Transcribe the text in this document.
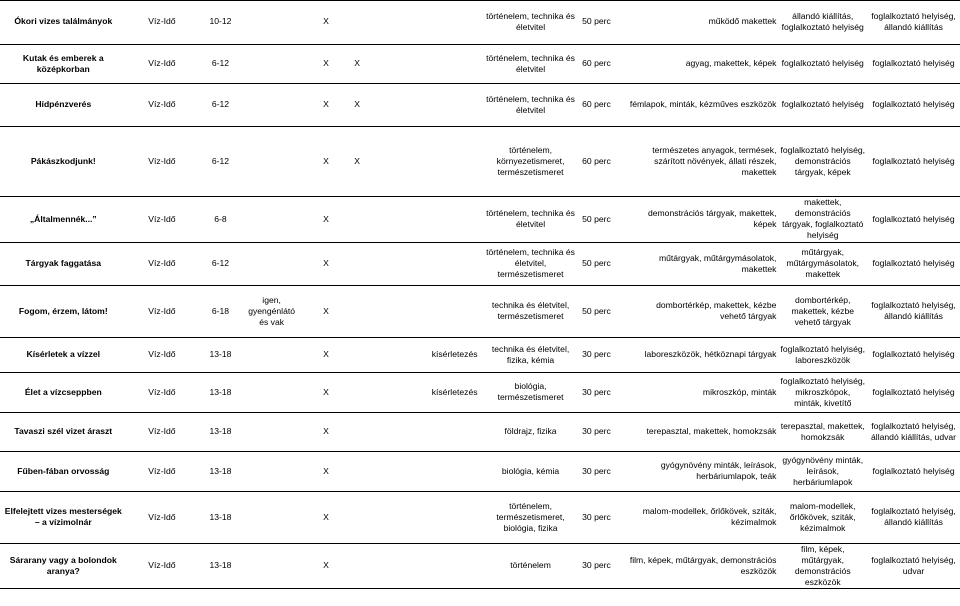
Ókori vizes találmányok	Víz-Idő	10-12		X			történelem, technika és életvitel	50 perc	működő makettek	állandó kiállítás, foglalkoztató helyiség	foglalkoztató helyiség, állandó kiállítás
Kutak és emberek a középkorban	Víz-Idő	6-12		X	X		történelem, technika és életvitel	60 perc	agyag, makettek, képek	foglalkoztató helyiség	foglalkoztató helyiség
Hídpénzverés	Víz-Idő	6-12		X	X		történelem, technika és életvitel	60 perc	fémlapok, minták, kézműves eszközök	foglalkoztató helyiség	foglalkoztató helyiség
Pákászkodjunk!	Víz-Idő	6-12		X	X		történelem, környezetismeret, természetismeret	60 perc	természetes anyagok, termések, szárított növények, állati részek, makettek	foglalkoztató helyiség, demonstrációs tárgyak, képek	foglalkoztató helyiség
„Általmennék...”	Víz-Idő	6-8		X			történelem, technika és életvitel	50 perc	demonstrációs tárgyak, makettek, képek	makettek, demonstrációs tárgyak, foglalkoztató helyiség	foglalkoztató helyiség
Tárgyak faggatása	Víz-Idő	6-12		X			történelem, technika és életvitel, természetismeret	50 perc	műtárgyak, műtárgymásolatok, makettek	műtárgyak, műtárgymásolatok, makettek	foglalkoztató helyiség
Fogom, érzem, látom!	Víz-Idő	6-18	igen, gyengénlátó és vak	X			technika és életvitel, természetismeret	50 perc	dombortérkép, makettek, kézbe vehető tárgyak	dombortérkép, makettek, kézbe vehető tárgyak	foglalkoztató helyiség, állandó kiállítás
Kísérletek a vízzel	Víz-Idő	13-18		X		kísérletezés	technika és életvitel, fizika, kémia	30 perc	laboreszközök, hétköznapi tárgyak	foglalkoztató helyiség, laboreszközök	foglalkoztató helyiség
Élet a vízcseppben	Víz-Idő	13-18		X		kísérletezés	biológia, természetismeret	30 perc	mikroszkóp, minták	foglalkoztató helyiség, mikroszkópok, minták, kivetítő	foglalkoztató helyiség
Tavaszi szél vizet áraszt	Víz-Idő	13-18		X			földrajz, fizika	30 perc	terepasztal, makettek, homokzsák	terepasztal, makettek, homokzsák	foglalkoztató helyiség, állandó kiállítás, udvar
Fűben-fában orvosság	Víz-Idő	13-18		X			biológia, kémia	30 perc	gyógynövény minták, leírások, herbáriumlapok, teák	gyógynövény minták, leírások, herbáriumlapok	foglalkoztató helyiség
Elfelejtett vizes mesterségek – a vízimolnár	Víz-Idő	13-18		X			történelem, természetismeret, biológia, fizika	30 perc	malom-modellek, őrlőkövek, sziták, kézimalmok	malom-modellek, őrlőkövek, sziták, kézimalmok	foglalkoztató helyiség, állandó kiállítás
Sárarany vagy a bolondok aranya?	Víz-Idő	13-18		X			történelem	30 perc	film, képek, műtárgyak, demonstrációs eszközök	film, képek, műtárgyak, demonstrációs eszközök	foglalkoztató helyiség, udvar
